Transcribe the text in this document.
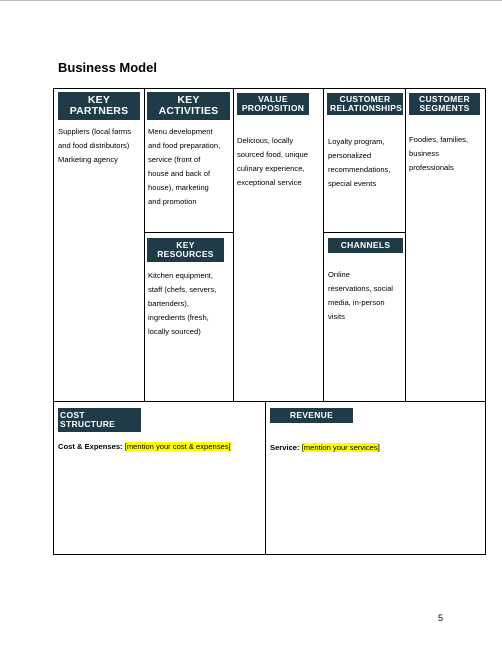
Business Model
KEY PARTNERS
Suppliers (local farms
and food distributors)
Marketing agency
KEY ACTIVITIES
Menu development
and food preparation,
service (front of
house and back of
house), marketing
and promotion
KEY RESOURCES
Kitchen equipment,
staff (chefs, servers,
bartenders),
ingredients (fresh,
locally sourced)
VALUE
PROPOSITION
Delicious, locally
sourced food, unique
culinary experience,
exceptional service
CUSTOMER
RELATIONSHIPS
Loyalty program,
personalized
recommendations,
special events
CHANNELS
Online
reservations, social
media, in-person
visits
CUSTOMER
SEGMENTS
Foodies, families,
business
professionals
COST STRUCTURE
Cost & Expenses: [mention your cost & expenses]
REVENUE
Service: [mention your services]
5
